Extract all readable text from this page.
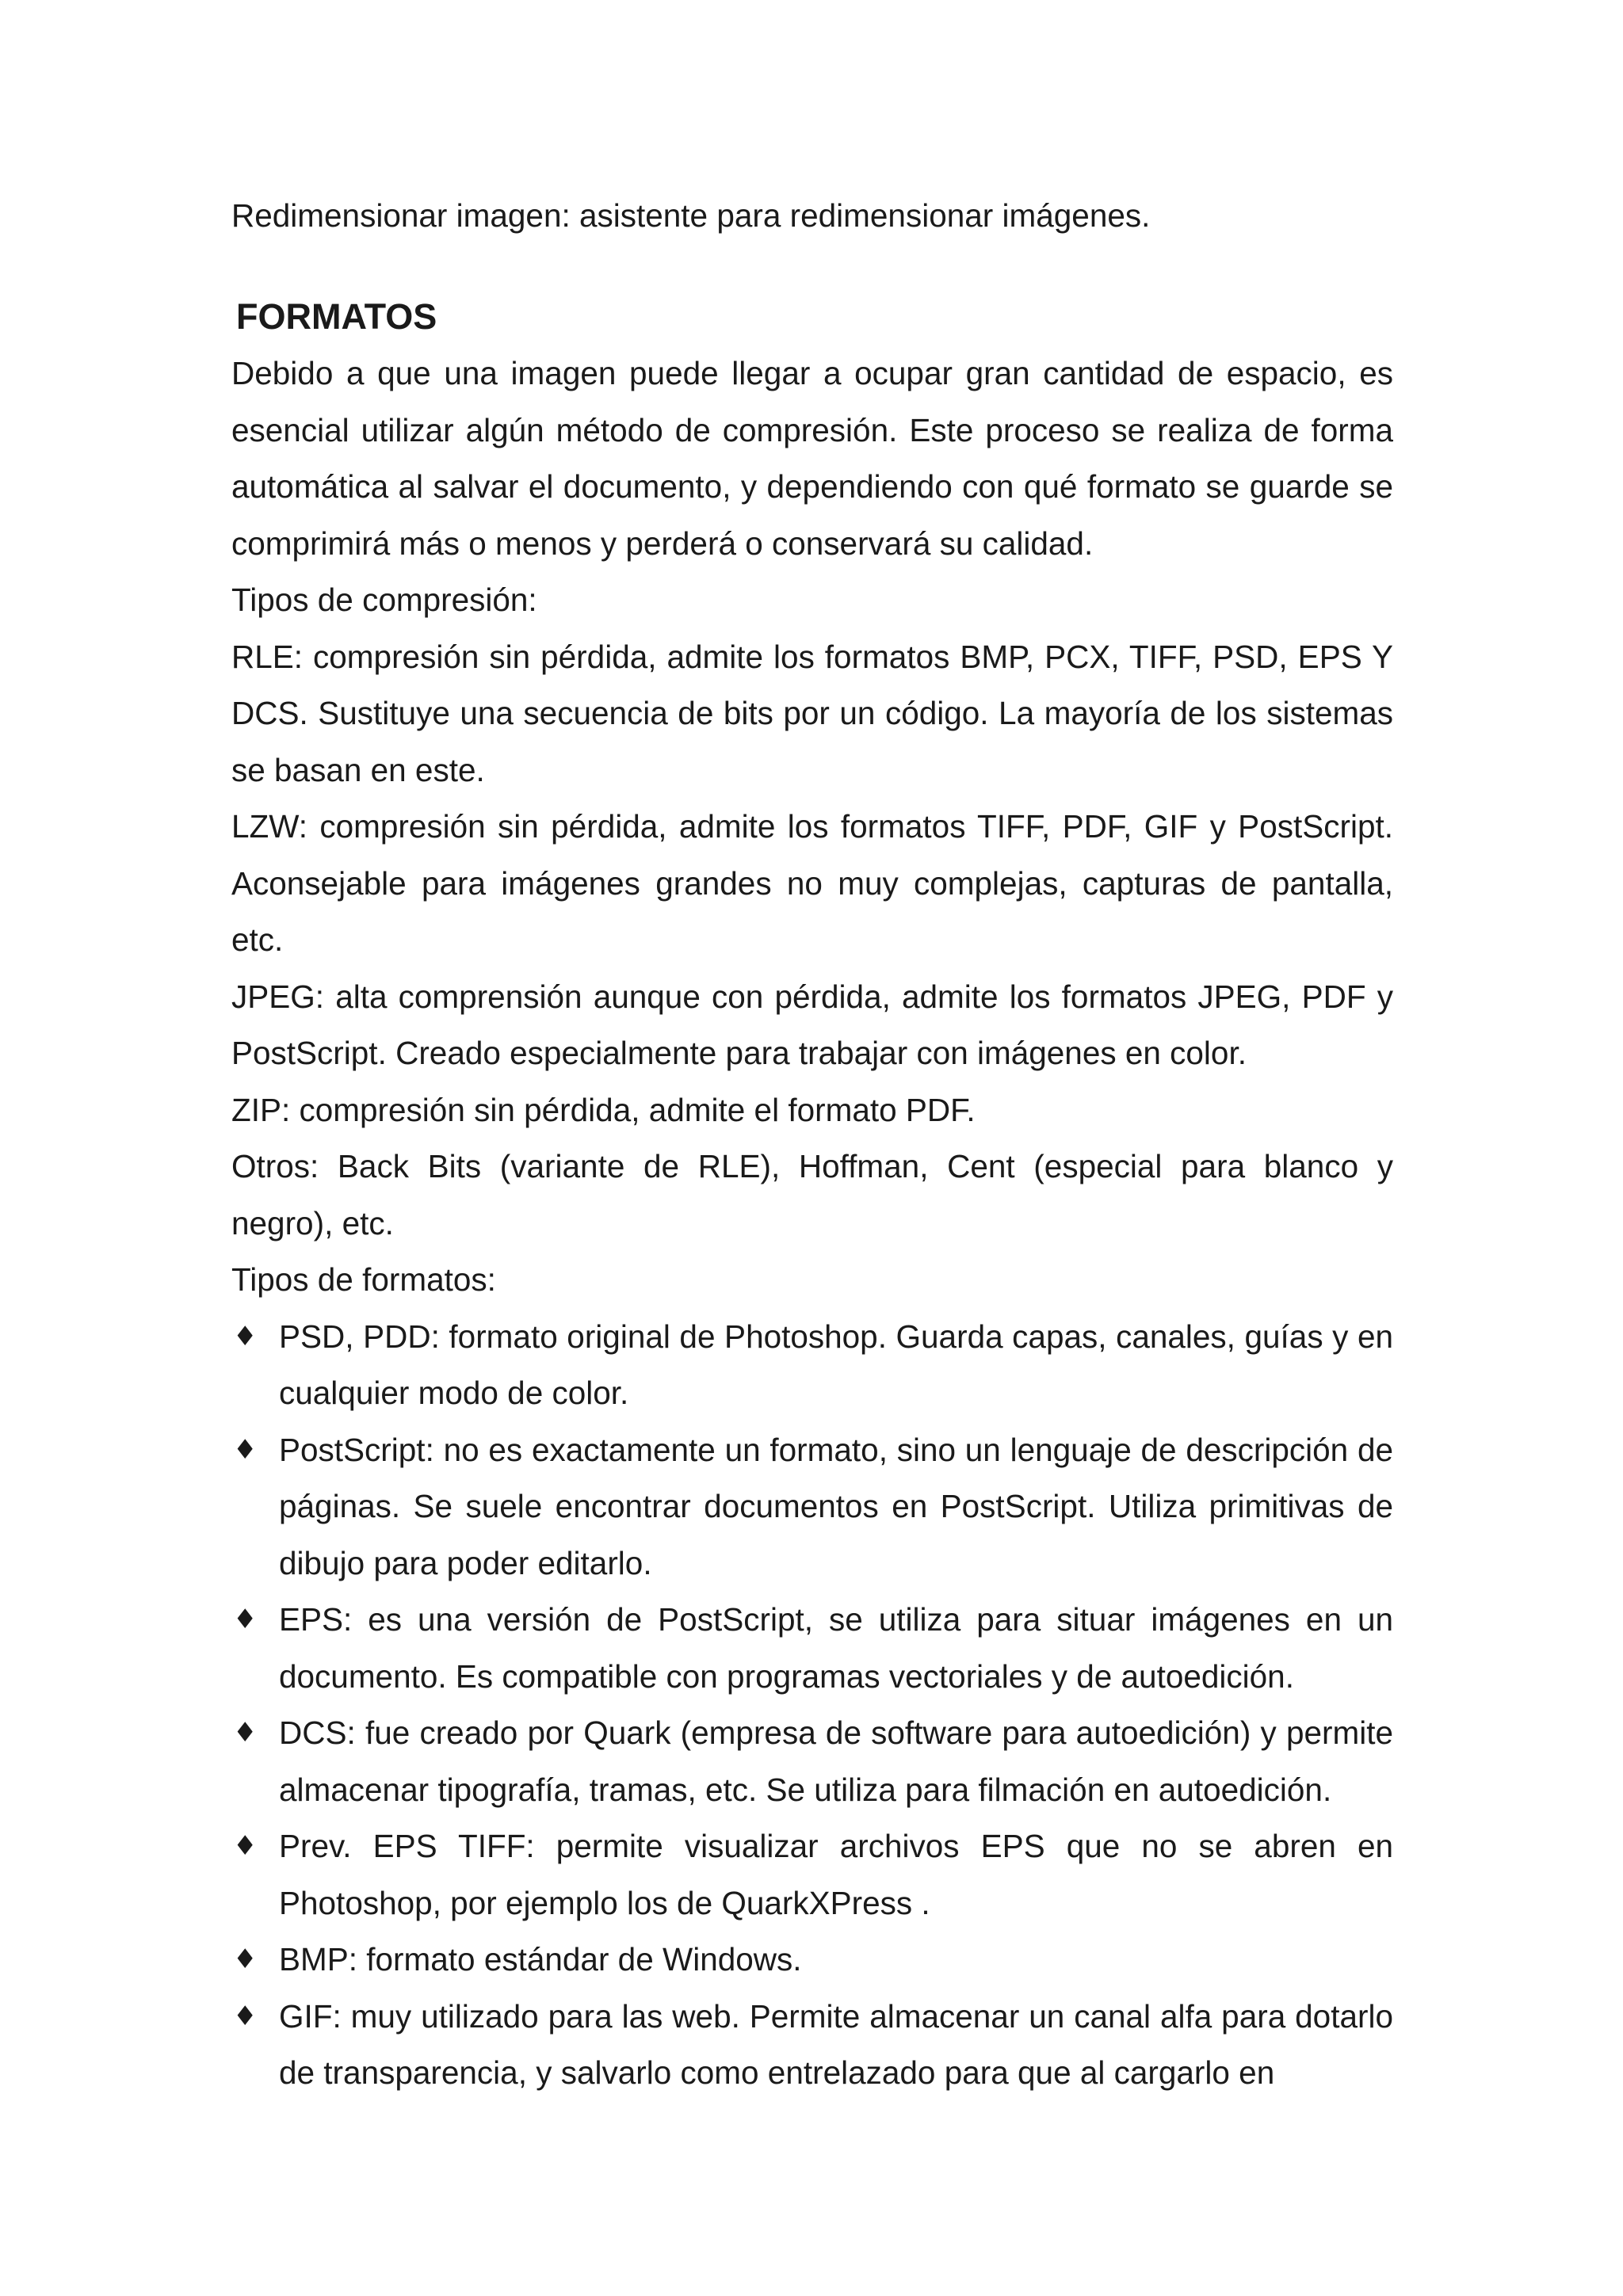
Redimensionar imagen: asistente para redimensionar imágenes.

FORMATOS

Debido a que una imagen puede llegar a ocupar gran cantidad de espacio, es esencial utilizar algún método de compresión. Este proceso se realiza de forma automática al salvar el documento, y dependiendo con qué formato se guarde se comprimirá más o menos y perderá o conservará su calidad.

Tipos de compresión:

RLE: compresión sin pérdida, admite los formatos BMP, PCX, TIFF, PSD, EPS Y DCS. Sustituye una secuencia de bits por un código. La mayoría de los sistemas se basan en este.

LZW: compresión sin pérdida, admite los formatos TIFF, PDF, GIF y PostScript. Aconsejable para imágenes grandes no muy complejas, capturas de pantalla, etc.

JPEG: alta comprensión aunque con pérdida, admite los formatos JPEG, PDF y PostScript. Creado especialmente para trabajar con imágenes en color.

ZIP: compresión sin pérdida, admite el formato PDF.

Otros: Back Bits (variante de RLE), Hoffman, Cent (especial para blanco y negro), etc.

Tipos de formatos:

♦ PSD, PDD: formato original de Photoshop. Guarda capas, canales, guías y en cualquier modo de color.
♦ PostScript: no es exactamente un formato, sino un lenguaje de descripción de páginas. Se suele encontrar documentos en PostScript. Utiliza primitivas de dibujo para poder editarlo.
♦ EPS: es una versión de PostScript, se utiliza para situar imágenes en un documento. Es compatible con programas vectoriales y de autoedición.
♦ DCS: fue creado por Quark (empresa de software para autoedición) y permite almacenar tipografía, tramas, etc. Se utiliza para filmación en autoedición.
♦ Prev. EPS TIFF: permite visualizar archivos EPS que no se abren en Photoshop, por ejemplo los de QuarkXPress .
♦ BMP: formato estándar de Windows.
♦ GIF: muy utilizado para las web. Permite almacenar un canal alfa para dotarlo de transparencia, y salvarlo como entrelazado para que al cargarlo en
